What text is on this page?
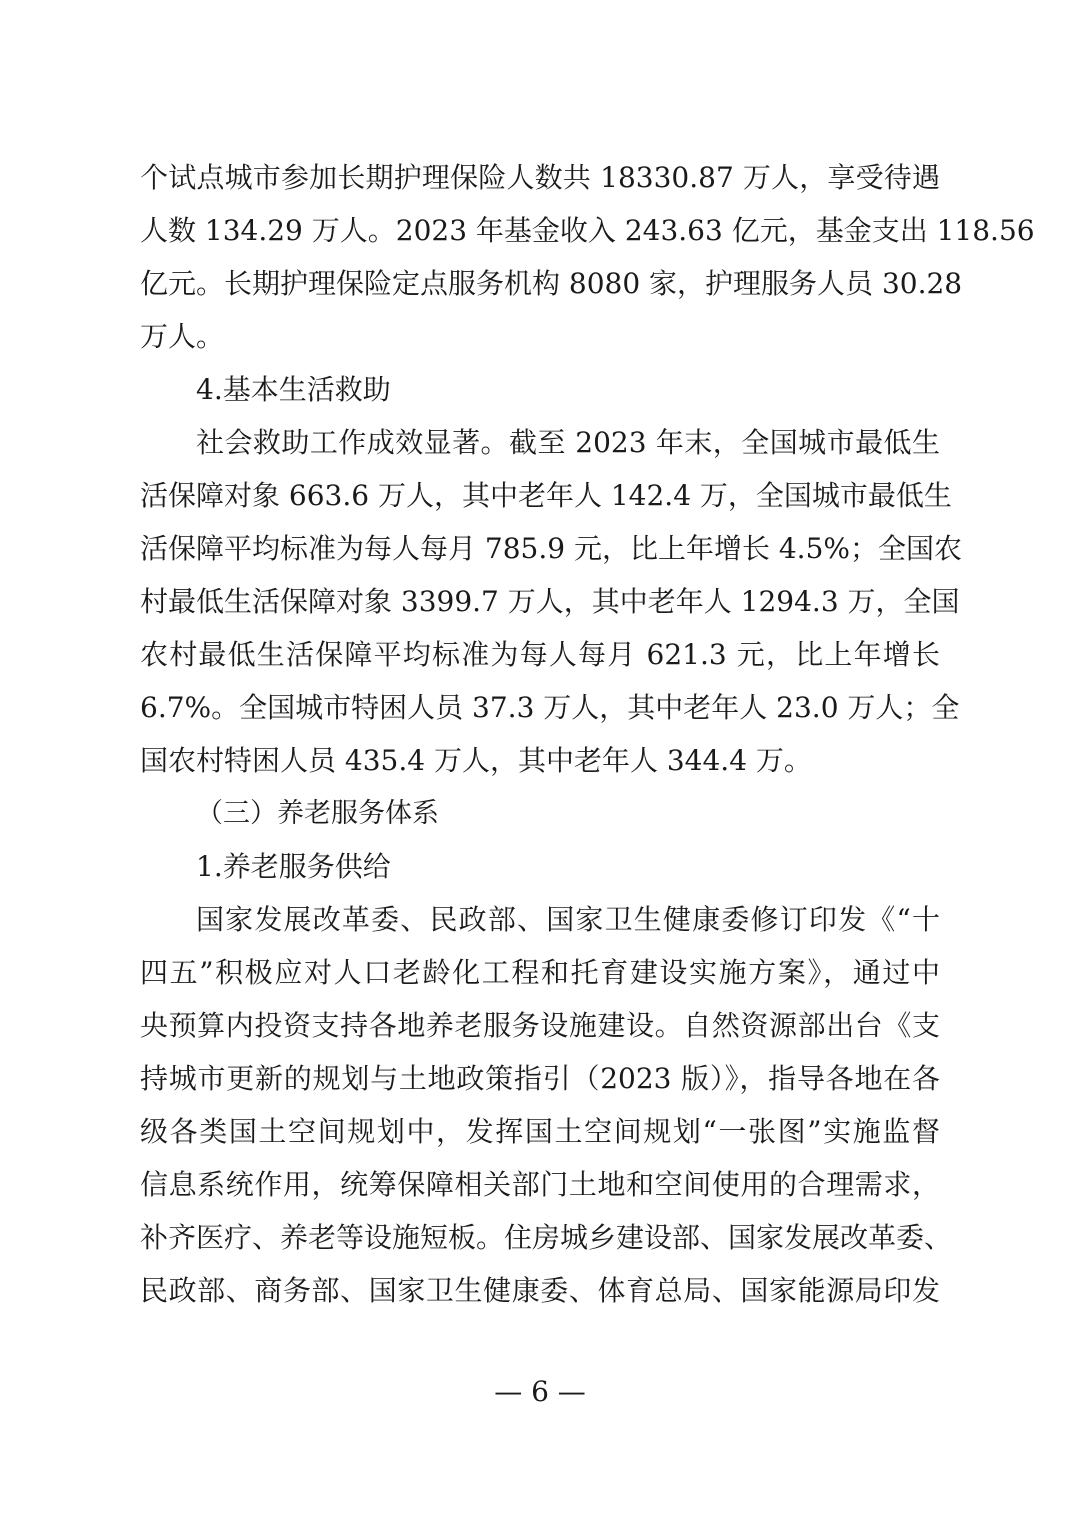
个试点城市参加长期护理保险人数共 18330.87 万人，享受待遇
人数 134.29 万人。2023 年基金收入 243.63 亿元，基金支出 118.56
亿元。长期护理保险定点服务机构 8080 家，护理服务人员 30.28
万人。
4.基本生活救助
社会救助工作成效显著。截至 2023 年末，全国城市最低生
活保障对象 663.6 万人，其中老年人 142.4 万，全国城市最低生
活保障平均标准为每人每月 785.9 元，比上年增长 4.5%；全国农
村最低生活保障对象 3399.7 万人，其中老年人 1294.3 万，全国
农村最低生活保障平均标准为每人每月 621.3 元，比上年增长
6.7%。全国城市特困人员 37.3 万人，其中老年人 23.0 万人；全
国农村特困人员 435.4 万人，其中老年人 344.4 万。
（三）养老服务体系
1.养老服务供给
国家发展改革委、民政部、国家卫生健康委修订印发《“十
四五”积极应对人口老龄化工程和托育建设实施方案》，通过中
央预算内投资支持各地养老服务设施建设。自然资源部出台《支
持城市更新的规划与土地政策指引（2023 版）》，指导各地在各
级各类国土空间规划中，发挥国土空间规划“一张图”实施监督
信息系统作用，统筹保障相关部门土地和空间使用的合理需求，
补齐医疗、养老等设施短板。住房城乡建设部、国家发展改革委、
民政部、商务部、国家卫生健康委、体育总局、国家能源局印发
— 6 —
